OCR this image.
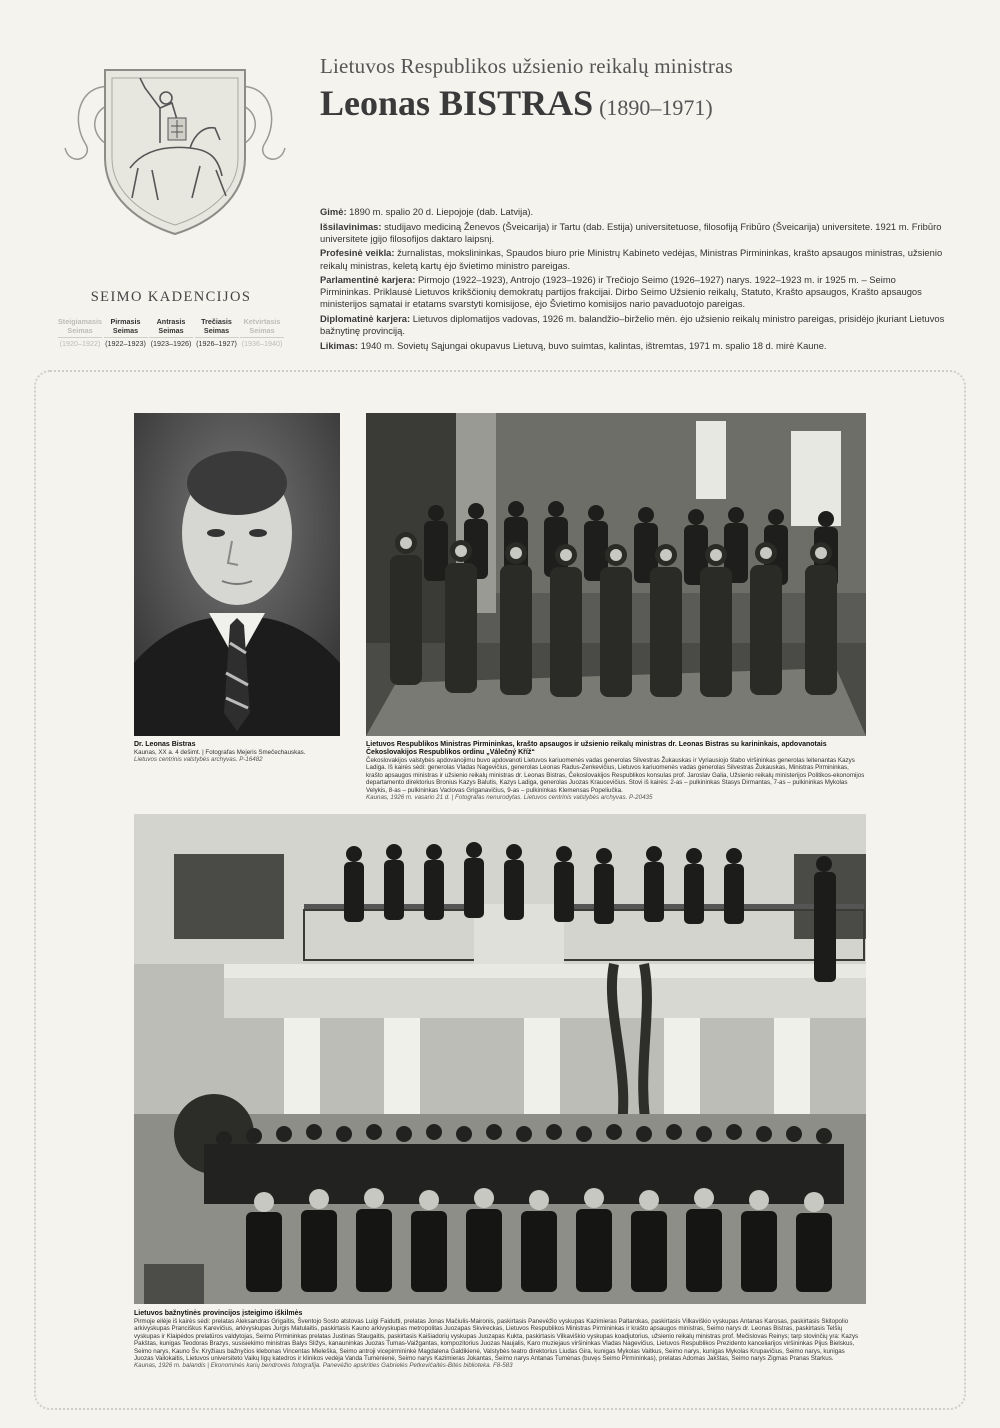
Lietuvos Respublikos užsienio reikalų ministras
Leonas BISTRAS (1890–1971)

Gimė: 1890 m. spalio 20 d. Liepojoje (dab. Latvija).

Išsilavinimas: studijavo mediciną Ženevos (Šveicarija) ir Tartu (dab. Estija) universitetuose, filosofiją Fribūro (Šveicarija) universitete. 1921 m. Fribūro universitete įgijo filosofijos daktaro laipsnį.

Profesinė veikla: žurnalistas, mokslininkas, Spaudos biuro prie Ministrų Kabineto vedėjas, Ministras Pirmininkas, krašto apsaugos ministras, užsienio reikalų ministras, keletą kartų ėjo švietimo ministro pareigas.

Parlamentinė karjera: Pirmojo (1922–1923), Antrojo (1923–1926) ir Trečiojo Seimo (1926–1927) narys. 1922–1923 m. ir 1925 m. – Seimo Pirmininkas. Priklausė Lietuvos krikščionių demokratų partijos frakcijai. Dirbo Seimo Užsienio reikalų, Statuto, Krašto apsaugos, Krašto apsaugos ministerijos sąmatai ir etatams svarstyti komisijose, ėjo Švietimo komisijos nario pavaduotojo pareigas.

Diplomatinė karjera: Lietuvos diplomatijos vadovas, 1926 m. balandžio–birželio mėn. ėjo užsienio reikalų ministro pareigas, prisidėjo įkuriant Lietuvos bažnytinę provinciją.

Likimas: 1940 m. Sovietų Sąjungai okupavus Lietuvą, buvo suimtas, kalintas, ištremtas, 1971 m. spalio 18 d. mirė Kaune.

SEIMO KADENCIJOS
Steigiamasis Seimas
(1920–1922)
Pirmasis Seimas
(1922–1923)
Antrasis Seimas
(1923–1926)
Trečiasis Seimas
(1926–1927)
Ketvirtasis Seimas
(1936–1940)
Dr. Leonas Bistras
Kaunas, XX a. 4 dešimt. | Fotografas Mejeris Smečechauskas.
Lietuvos centrinis valstybės archyvas. P-16482
Lietuvos Respublikos Ministras Pirmininkas, krašto apsaugos ir užsienio reikalų ministras dr. Leonas Bistras su karininkais, apdovanotais Čekoslovakijos Respublikos ordinu „Válečný Kříž“
Čekoslovakijos valstybės apdovanojimu buvo apdovanoti Lietuvos kariuomenės vadas generolas Silvestras Žukauskas ir Vyriausiojo štabo viršininkas generolas leitenantas Kazys Ladiga. Iš kairės sėdi: generolas Vladas Nagevičius, generolas Leonas Radus-Zenkevičius, Lietuvos kariuomenės vadas generolas Silvestras Žukauskas, Ministras Pirmininkas, krašto apsaugos ministras ir užsienio reikalų ministras dr. Leonas Bistras, Čekoslovakijos Respublikos konsulas prof. Jaroslav Galia, Užsienio reikalų ministerijos Politikos-ekonomijos departamento direktorius Bronius Kazys Balutis, Kazys Ladiga, generolas Juozas Kraucevičius. Stovi iš kairės: 2-as – pulkininkas Stasys Dirmantas, 7-as – pulkininkas Mykolas Velykis, 8-as – pulkininkas Vaclovas Griganavičius, 9-as – pulkininkas Klemensas Popeliučka.
Kaunas, 1926 m. vasario 21 d. | Fotografas nenurodytas. Lietuvos centrinis valstybės archyvas. P-20435
Lietuvos bažnytinės provincijos įsteigimo iškilmės
Pirmoje eilėje iš kairės sėdi: prelatas Aleksandras Grigaitis, Šventojo Sosto atstovas Luigi Faidutti, prelatas Jonas Mačiulis-Maironis, paskirtasis Panevėžio vyskupas Kazimieras Paltarokas, paskirtasis Vilkaviškio vyskupas Antanas Karosas, paskirtasis Skitopolio arkivyskupas Pranciškus Karevičius, arkivyskupas Jurgis Matulaitis, paskirtasis Kauno arkivyskupas metropolitas Juozapas Skvireckas, Lietuvos Respublikos Ministras Pirmininkas ir krašto apsaugos ministras, Seimo narys dr. Leonas Bistras, paskirtasis Telšių vyskupas ir Klaipėdos prelatūros valdytojas, Seimo Pirmininkas prelatas Justinas Staugaitis, paskirtasis Kaišiadorių vyskupas Juozapas Kukta, paskirtasis Vilkaviškio vyskupas koadjutorius, užsienio reikalų ministras prof. Mečislovas Reinys; tarp stovinčių yra: Kazys Pakštas, kunigas Teodoras Brazys, susisiekimo ministras Balys Sližys, kanauninkas Juozas Tumas-Vaižgantas, kompozitorius Juozas Naujalis, Karo muziejaus viršininkas Vladas Nagevičius, Lietuvos Respublikos Prezidento kanceliarijos viršininkas Pijus Bielskus, Seimo narys, Kauno Šv. Kryžiaus bažnyčios klebonas Vincentas Mieleška, Seimo antroji vicepirmininkė Magdalena Galdikienė, Valstybės teatro direktorius Liudas Gira, kunigas Mykolas Vaitkus, Seimo narys, kunigas Mykolas Krupavičius, Seimo narys, kunigas Juozas Vailokaitis, Lietuvos universiteto Vaikų ligų katedros ir klinikos vedėja Vanda Tumėnienė, Seimo narys Kazimieras Jokantas, Seimo narys Antanas Tumėnas (buvęs Seimo Pirmininkas), prelatas Adomas Jakštas, Seimo narys Zigmas Pranas Starkus.
Kaunas, 1926 m. balandis | Ekonominės karių bendrovės fotografija. Panevėžio apskrities Gabrielės Petkevičaitės-Bitės biblioteka. F8-583
